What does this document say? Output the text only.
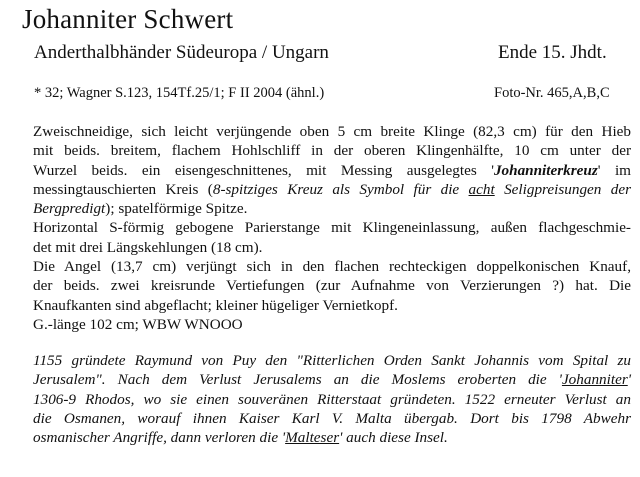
Johanniter Schwert
Anderthalbhänder Südeuropa / Ungarn	Ende 15. Jhdt.
* 32; Wagner S.123, 154Tf.25/1; F II 2004 (ähnl.)	Foto-Nr. 465,A,B,C
Zweischneidige, sich leicht verjüngende oben 5 cm breite Klinge (82,3 cm) für den Hieb
mit beids. breitem, flachem Hohlschliff in der oberen Klingenhälfte, 10 cm unter der
Wurzel beids. ein eisengeschnittenes, mit Messing ausgelegtes 'Johanniterkreuz' im
messingtauschierten Kreis (8-spitziges Kreuz als Symbol für die acht Seligpreisungen der
Bergpredigt); spatelförmige Spitze.
Horizontal S-förmig gebogene Parierstange mit Klingeneinlassung, außen flachgeschmie-
det mit drei Längskehlungen (18 cm).
Die Angel (13,7 cm) verjüngt sich in den flachen rechteckigen doppelkonischen Knauf,
der beids. zwei kreisrunde Vertiefungen (zur Aufnahme von Verzierungen ?) hat. Die
Knaufkanten sind abgeflacht; kleiner hügeliger Vernietkopf.
G.-länge 102 cm; WBW WNOOO
1155 gründete Raymund von Puy den "Ritterlichen Orden Sankt Johannis vom Spital zu
Jerusalem". Nach dem Verlust Jerusalems an die Moslems eroberten die 'Johanniter'
1306-9 Rhodos, wo sie einen souveränen Ritterstaat gründeten. 1522 erneuter Verlust an
die Osmanen, worauf ihnen Kaiser Karl V. Malta übergab. Dort bis 1798 Abwehr
osmanischer Angriffe, dann verloren die 'Malteser' auch diese Insel.
